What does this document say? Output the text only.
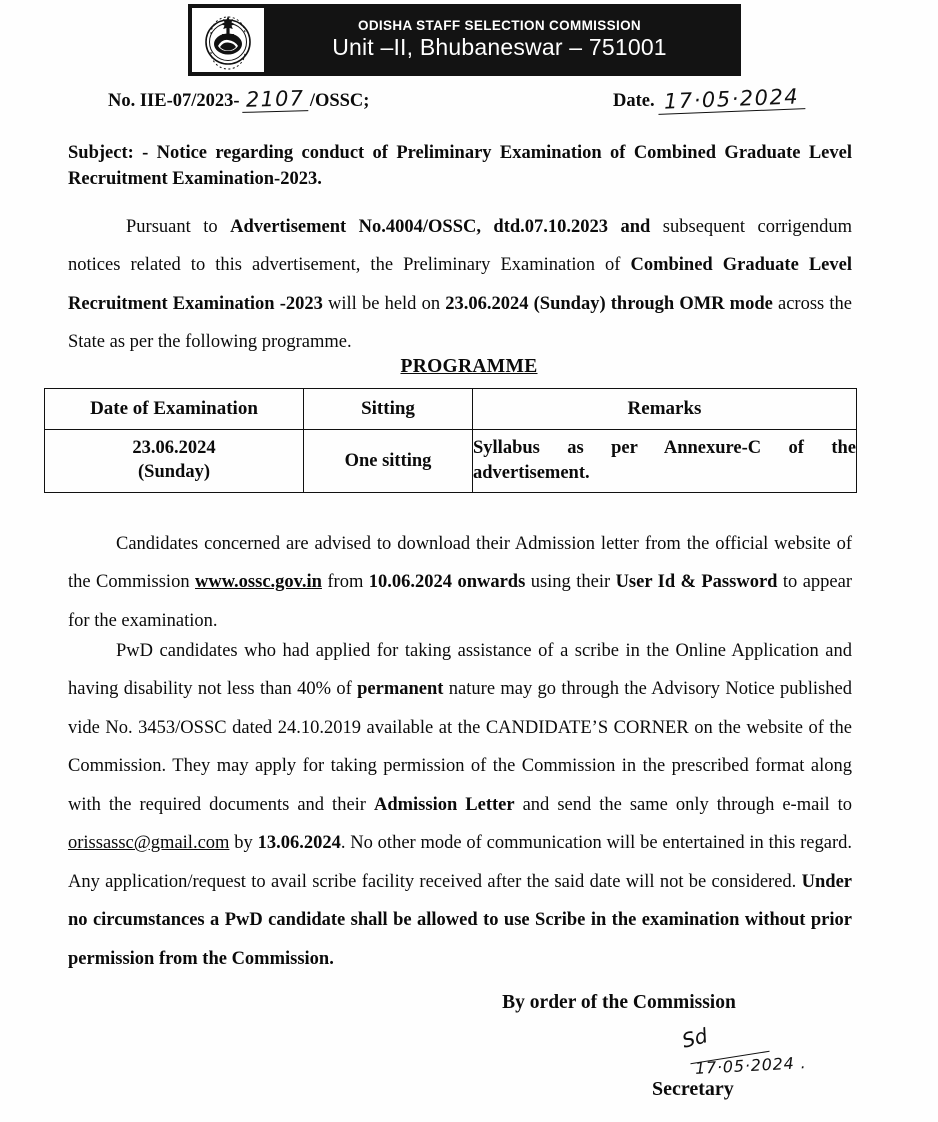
ODISHA STAFF SELECTION COMMISSION
Unit –II, Bhubaneswar – 751001
No. IIE-07/2023- 2107 /OSSC;	Date. 17·05·2024
Subject: - Notice regarding conduct of Preliminary Examination of Combined Graduate Level Recruitment Examination-2023.
Pursuant to Advertisement No.4004/OSSC, dtd.07.10.2023 and subsequent corrigendum notices related to this advertisement, the Preliminary Examination of Combined Graduate Level Recruitment Examination -2023 will be held on 23.06.2024 (Sunday) through OMR mode across the State as per the following programme.
PROGRAMME
Date of Examination	Sitting	Remarks

23.06.2024
(Sunday)	One sitting	Syllabus as per Annexure-C of the advertisement.
Candidates concerned are advised to download their Admission letter from the official website of the Commission www.ossc.gov.in from 10.06.2024 onwards using their User Id & Password to appear for the examination.
PwD candidates who had applied for taking assistance of a scribe in the Online Application and having disability not less than 40% of permanent nature may go through the Advisory Notice published vide No. 3453/OSSC dated 24.10.2019 available at the CANDIDATE’S CORNER on the website of the Commission. They may apply for taking permission of the Commission in the prescribed format along with the required documents and their Admission Letter and send the same only through e-mail to orissassc@gmail.com by 13.06.2024. No other mode of communication will be entertained in this regard. Any application/request to avail scribe facility received after the said date will not be considered. Under no circumstances a PwD candidate shall be allowed to use Scribe in the examination without prior permission from the Commission.
By order of the Commission
Sd
17·05·2024 .
Secretary
